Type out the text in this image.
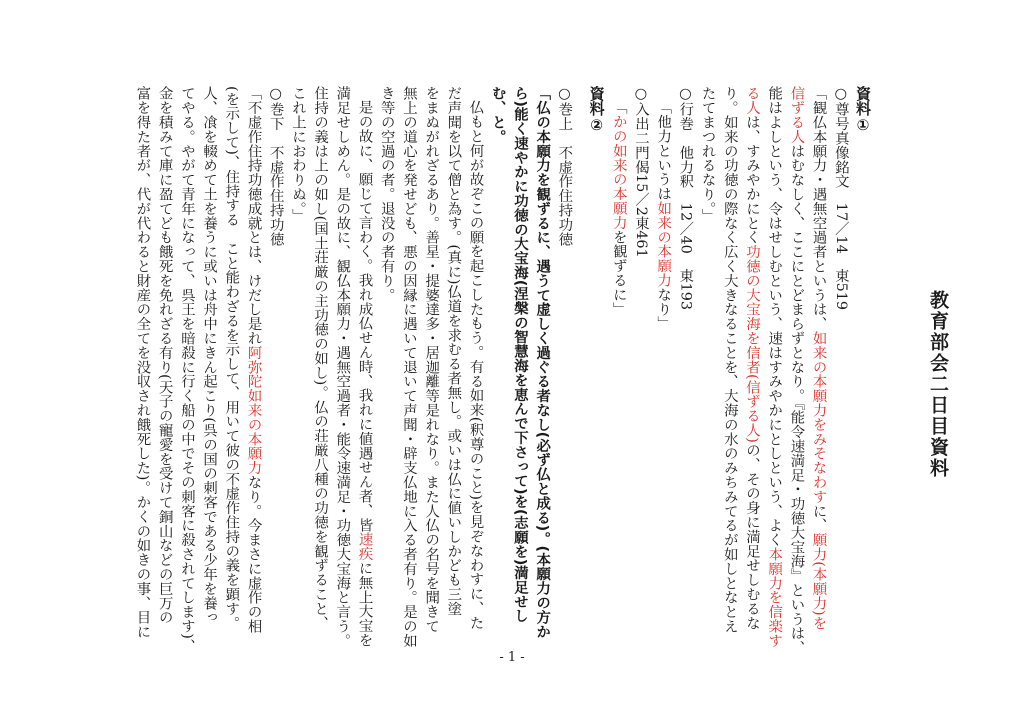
教育部会二日目資料
資料①
○尊号真像銘文　17／14　東519
「観仏本願力・遇無空過者というは、如来の本願力をみそなわすに、願力(本願力)を
信ずる人はむなしく、ここにとどまらずとなり。『能令速満足・功徳大宝海』というは、
能はよしという、令はせしむという、速はすみやかにとしという、よく本願力を信楽す
る人は、すみやかにとく功徳の大宝海を信者(信ずる人)の、その身に満足せしむるな
り。如来の功徳の際なく広く大きなることを、大海の水のみちみてるが如しとなとえ
たてまつれるなり。」
○行巻　他力釈　12／40　東193
「他力というは如来の本願力なり」
○入出二門偈15／2東461
「かの如来の本願力を観ずるに」
資料②
○巻上　不虚作住持功徳
「仏の本願力を観ずるに、遇うて虚しく過ぐる者なし(必ず仏と成る)。(本願力の方か
ら)能く速やかに功徳の大宝海(涅槃の智慧海を恵んで下さって)を(志願を)満足せし
む、と。
仏もと何が故ぞこの願を起こしたもう。有る如来(釈尊のこと)を見ぞなわすに、た
だ声聞を以て僧と為す。(真に)仏道を求むる者無し。或いは仏に値いしかども三塗
をまぬがれざるあり。善星・提婆達多・居迦離等是れなり。また人仏の名号を聞きて
無上の道心を発せども、悪の因縁に遇いて退いて声聞・辟支仏地に入る者有り。是の如
き等の空過の者。退没の者有り。
是の故に、願じて言わく。我れ成仏せん時、我れに値遇せん者、皆速疾に無上大宝を
満足せしめん。是の故に、観仏本願力・遇無空過者・能令速満足・功徳大宝海と言う。
住持の義は上の如し(国土荘厳の主功徳の如し)。仏の荘厳八種の功徳を観ずること、
これ上におわりぬ。」
○巻下　不虚作住持功徳
「不虚作住持功徳成就とは、けだし是れ阿弥陀如来の本願力なり。今まさに虚作の相
(を示して)、住持する　こと能わざるを示して、用いて彼の不虚作住持の義を顕す。
人、飡を輟めて土を養うに或いは舟中にきん起こり(呉の国の刺客である少年を養っ
てやる。やがて青年になって、呉王を暗殺に行く船の中でその刺客に殺されてします)、
金を積みて庫に盈てども餓死を免れざる有り(天子の寵愛を受けて銅山などの巨万の
富を得た者が、代が代わると財産の全てを没収され餓死した)。かくの如きの事、目に
- 1 -
